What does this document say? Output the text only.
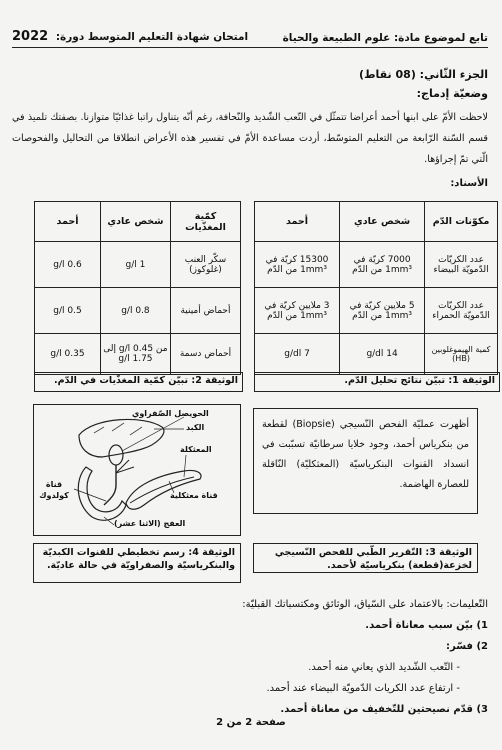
تابع لموضوع مادة: علوم الطبيعة والحياة
امتحان شهادة التعليم المتوسط دورة: 2022
الجزء الثّاني: (08 نقاط)
وضعيّة إدماج:
لاحظت الأمّ على ابنها أحمد أعراضا تتمثّل في التّعب الشّديد والنّحافة، رغم أنّه يتناول راتبا غذائيّا متوازنا. بصفتك تلميذ في قسم السّنة الرّابعة من التعليم المتوسّط، أردت مساعدة الأمّ في تفسير هذه الأعراض انطلاقا من التحاليل والفحوصات الّتي تمّ إجراؤها.
الأسناد:
مكوّنات الدّم	شخص عادي	أحمد
عدد الكريّات الدّمويّة البيضاء	7000 كريّة في 1mm³ من الدّم	15300 كريّة في 1mm³ من الدّم
عدد الكريّات الدّمويّة الحمراء	5 ملايين كريّة في 1mm³ من الدّم	3 ملايين كريّة في 1mm³ من الدّم
كمية الهيموغلوبين (HB)	14 g/dl	7 g/dl
الوثيقة 1: تبيّن نتائج تحليل الدّم.
كمّية المغذّيات	شخص عادي	أحمد
سكّر العنب (غلوكوز)	1 g/l	0.6 g/l
أحماض أمينية	0.8 g/l	0.5 g/l
أحماض دسمة	من 0.45 g/l إلى 1.75 g/l	0.35 g/l
الوثيقة 2: تبيّن كمّية المغذّيات في الدّم.
أظهرت عمليّة الفحص النّسيجي (Biopsie) لقطعة من بنكرياس أحمد، وجود خلايا سرطانيّة تسبّبت في انسداد القنوات البنكرياسيّة (المعثكليّة) النّاقلة للعصارة الهاضمة.
الحويصل الصّفراوي
الكبد
المعثكلة
قناة معثكلية
قناة كولدوك
العفج (الاثنا عشر)
الوثيقة 3: التّقرير الطّبي للفحص النّسيجي لخزعة(قطعة) بنكرياسيّة لأحمد.
الوثيقة 4: رسم تخطيطي للقنوات الكبديّة والبنكرياسيّة والصفراويّة في حالة عاديّة.
التّعليمات: بالاعتماد على السّياق، الوثائق ومكتسباتك القبليّة:
1) بيّن سبب معاناة أحمد.
2) فسّر:
- التّعب الشّديد الذي يعاني منه أحمد.
- ارتفاع عدد الكريات الدّمويّة البيضاء عند أحمد.
3) قدّم نصيحتين للتّخفيف من معاناة أحمد.
صفحة 2 من 2
